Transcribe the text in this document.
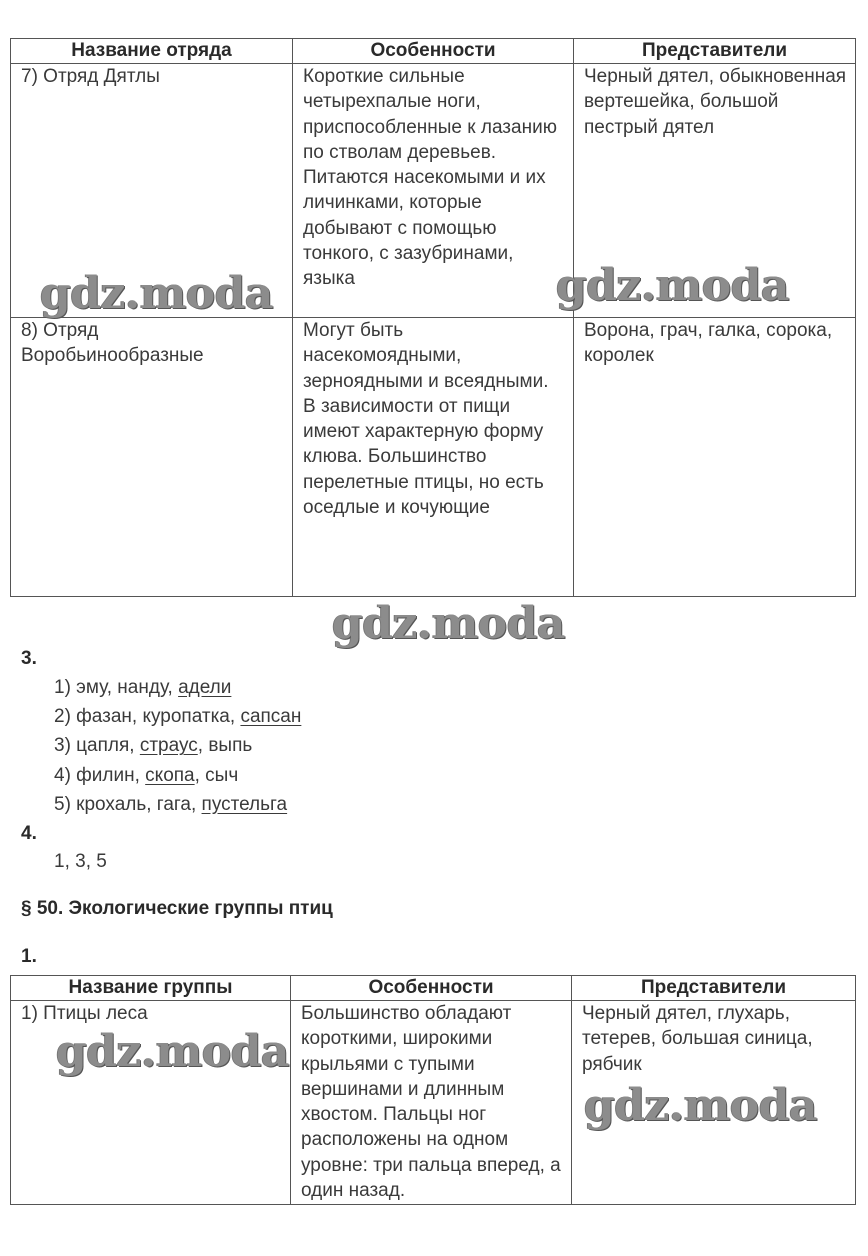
Название отряда	Особенности	Представители
7) Отряд Дятлы	Короткие сильные четырехпалые ноги, приспособленные к лазанию по стволам деревьев. Питаются насекомыми и их личинками, которые добывают с помощью тонкого, с зазубринами, языка	Черный дятел, обыкновенная вертешейка, большой пестрый дятел
8) Отряд Воробьинообразные	Могут быть насекомоядными, зерноядными и всеядными. В зависимости от пищи имеют характерную форму клюва. Большинство перелетные птицы, но есть оседлые и кочующие	Ворона, грач, галка, сорока, королек
3.
1) эму, нанду, адели
2) фазан, куропатка, сапсан
3) цапля, страус, выпь
4) филин, скопа, сыч
5) крохаль, гага, пустельга
4.
1, 3, 5
§ 50. Экологические группы птиц
1.
Название группы	Особенности	Представители
1) Птицы леса	Большинство обладают короткими, широкими крыльями с тупыми вершинами и длинным хвостом. Пальцы ног расположены на одном уровне: три пальца вперед, а один назад.	Черный дятел, глухарь, тетерев, большая синица, рябчик
gdz.moda	gdz.moda
gdz.moda
gdz.moda
gdz.moda
